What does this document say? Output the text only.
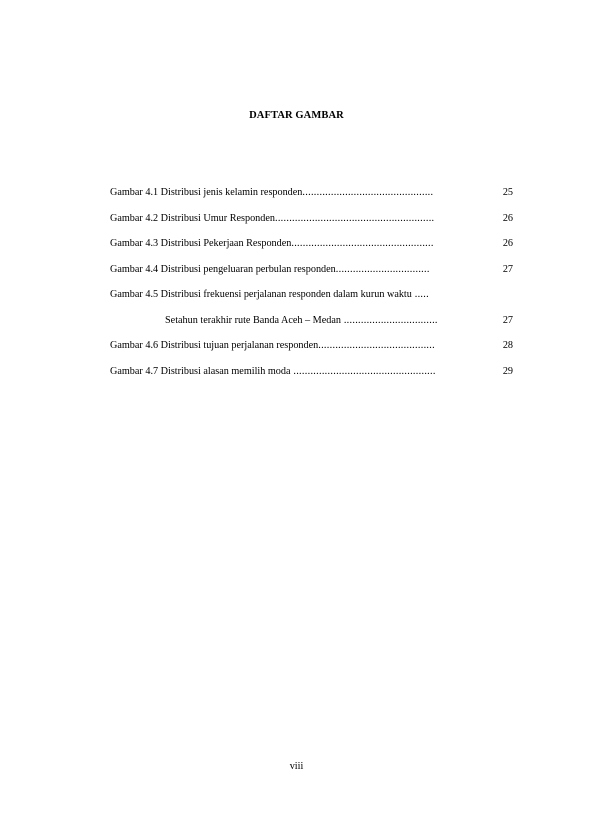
DAFTAR GAMBAR
Gambar 4.1 Distribusi jenis kelamin responden.............................................. .....	25
Gambar 4.2 Distribusi Umur Responden........................................................ .....	26
Gambar 4.3 Distribusi Pekerjaan Responden.................................................. .....	26
Gambar 4.4 Distribusi pengeluaran perbulan responden................................. .....	27
Gambar 4.5 Distribusi frekuensi perjalanan responden dalam kurun waktu ..... .....
Setahun terakhir rute Banda Aceh – Medan ................................. .....	27
Gambar 4.6 Distribusi tujuan perjalanan responden......................................... .....	28
Gambar 4.7 Distribusi alasan memilih moda .................................................. .....	29
viii
